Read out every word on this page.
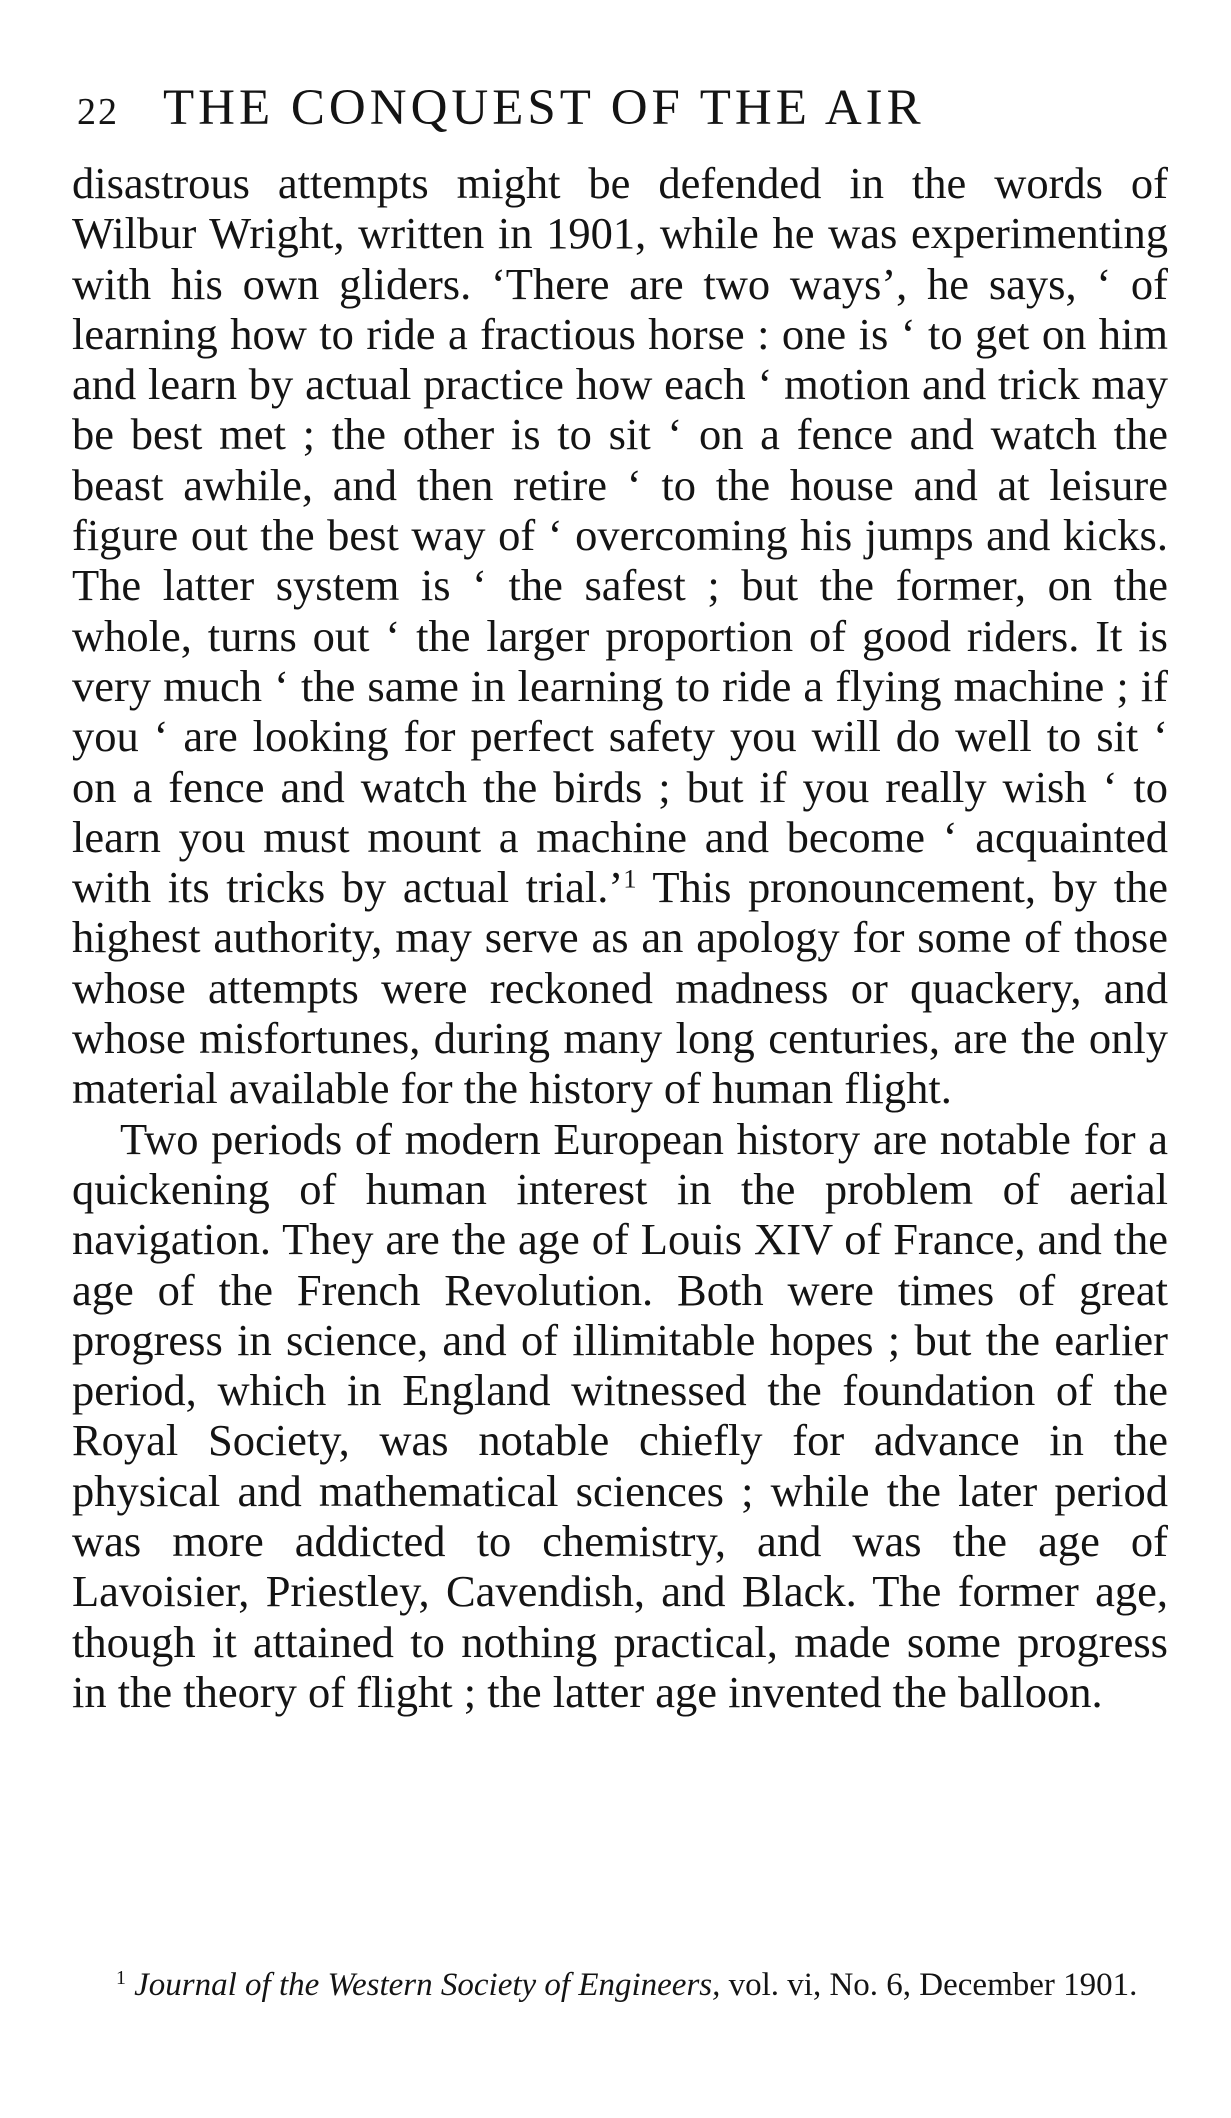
22 THE CONQUEST OF THE AIR

disastrous attempts might be defended in the words of Wilbur Wright, written in 1901, while he was experimenting with his own gliders. ‘There are two ways’, he says, ‘ of learning how to ride a fractious horse : one is ‘ to get on him and learn by actual practice how each ‘ motion and trick may be best met ; the other is to sit ‘ on a fence and watch the beast awhile, and then retire ‘ to the house and at leisure figure out the best way of ‘ overcoming his jumps and kicks. The latter system is ‘ the safest ; but the former, on the whole, turns out ‘ the larger proportion of good riders. It is very much ‘ the same in learning to ride a flying machine ; if you ‘ are looking for perfect safety you will do well to sit ‘ on a fence and watch the birds ; but if you really wish ‘ to learn you must mount a machine and become ‘ acquainted with its tricks by actual trial.’$^1$ This pronouncement, by the highest authority, may serve as an apology for some of those whose attempts were reckoned madness or quackery, and whose misfortunes, during many long centuries, are the only material available for the history of human flight.

Two periods of modern European history are notable for a quickening of human interest in the problem of aerial navigation. They are the age of Louis XIV of France, and the age of the French Revolution. Both were times of great progress in science, and of illimitable hopes ; but the earlier period, which in England witnessed the foundation of the Royal Society, was notable chiefly for advance in the physical and mathematical sciences ; while the later period was more addicted to chemistry, and was the age of Lavoisier, Priestley, Cavendish, and Black. The former age, though it attained to nothing practical, made some progress in the theory of flight ; the latter age invented the balloon.

$^1$ Journal of the Western Society of Engineers, vol. vi, No. 6, December 1901.
